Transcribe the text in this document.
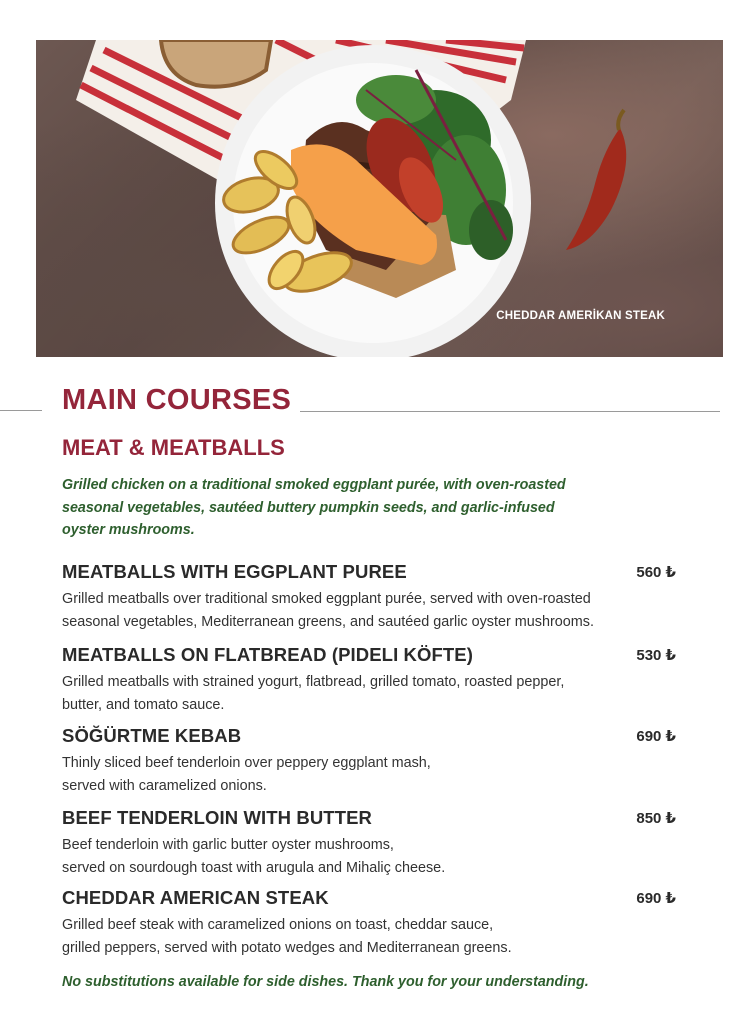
CHEDDAR AMERİKAN STEAK
MAIN COURSES
MEAT & MEATBALLS

Grilled chicken on a traditional smoked eggplant purée, with oven-roasted
seasonal vegetables, sautéed buttery pumpkin seeds, and garlic-infused
oyster mushrooms.

MEATBALLS WITH EGGPLANT PUREE	560 ₺

Grilled meatballs over traditional smoked eggplant purée, served with oven-roasted
seasonal vegetables, Mediterranean greens, and sautéed garlic oyster mushrooms.

MEATBALLS ON FLATBREAD (PIDELI KÖFTE)	530 ₺

Grilled meatballs with strained yogurt, flatbread, grilled tomato, roasted pepper,
butter, and tomato sauce.

SÖĞÜRTME KEBAB	690 ₺

Thinly sliced beef tenderloin over peppery eggplant mash,
served with caramelized onions.

BEEF TENDERLOIN WITH BUTTER	850 ₺

Beef tenderloin with garlic butter oyster mushrooms,
served on sourdough toast with arugula and Mihaliç cheese.

CHEDDAR AMERICAN STEAK	690 ₺

Grilled beef steak with caramelized onions on toast, cheddar sauce,
grilled peppers, served with potato wedges and Mediterranean greens.

No substitutions available for side dishes. Thank you for your understanding.
